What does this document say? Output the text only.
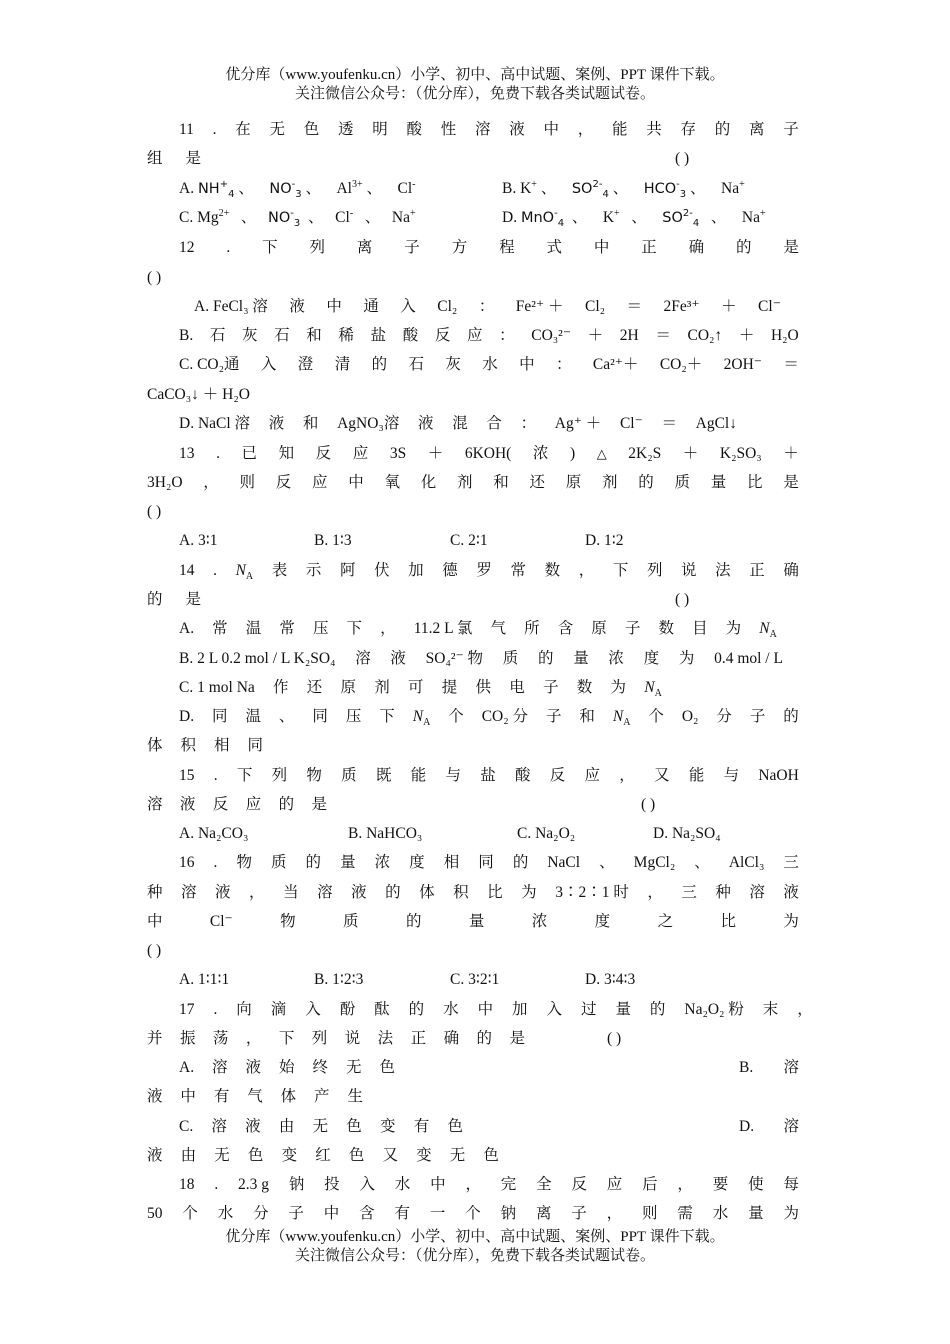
优分库（www.youfenku.cn）小学、初中、高中试题、案例、PPT 课件下载。
关注微信公众号：（优分库），免费下载各类试题试卷。
11 . 在 无 色 透 明 酸 性 溶 液 中 ， 能 共 存 的 离 子
组 是	( )
A. $NH^+_4$ 、    $NO^-_3$ 、    $Al^{3+}$ 、    Cl-	B. K+ 、    $SO^{2-}_4$ 、    $HCO^-_3$ 、    Na+
C. $Mg^{2+}$   、   $NO^-_3$  、   Cl-   、   Na+	D. MnO-$_4$  、    K+   、    $SO^{2-}_4$   、    Na+
12 . 下 列 离 子 方 程 式 中 正 确 的 是
( )
A. FeCl₃ 溶 液 中 通 入 Cl₂ ： Fe²⁺ ＋ Cl₂ ＝ 2Fe³⁺ ＋ Cl⁻
B. 石 灰 石 和 稀 盐 酸 反 应 ： CO₃²⁻ ＋ 2H ＝ CO₂↑ ＋ H₂O
C. CO₂通 入 澄 清 的 石 灰 水 中 ： Ca²⁺＋ CO₂＋ 2OH⁻ ＝
CaCO₃↓ ＋ H₂O
D. NaCl 溶 液 和 AgNO₃溶 液 混 合 ： Ag⁺ ＋ Cl⁻ ＝ AgCl↓
13 . 已 知 反 应 3S ＋ 6KOH( 浓 ) △ 2K₂S ＋ K₂SO₃ ＋
3H₂O ， 则 反 应 中 氧 化 剂 和 还 原 剂 的 质 量 比 是
( )
A. 3∶1	B. 1∶3	C. 2∶1	D. 1∶2
14 . $N_A$ 表 示 阿 伏 加 德 罗 常 数 ， 下 列 说 法 正 确
的 是	( )
A. 常 温 常 压 下 ， 11.2 L 氯 气 所 含 原 子 数 目 为 $N_A$
B. 2 L 0.2 mol / L K₂SO₄ 溶 液 SO₄²⁻ 物 质 的 量 浓 度 为 0.4 mol / L
C. 1 mol Na 作 还 原 剂 可 提 供 电 子 数 为 $N_A$
D. 同 温 、 同 压 下 $N_A$ 个 CO₂ 分 子 和 $N_A$ 个 O₂ 分 子 的
体 积 相 同
15 . 下 列 物 质 既 能 与 盐 酸 反 应 ， 又 能 与 NaOH
溶 液 反 应 的 是	( )
A. Na₂CO₃	B. NaHCO₃	C. Na₂O₂	D. Na₂SO₄
16 . 物 质 的 量 浓 度 相 同 的 NaCl 、 MgCl₂ 、 AlCl₃ 三
种 溶 液 ， 当 溶 液 的 体 积 比 为 3∶2∶1 时 ， 三 种 溶 液
中	Cl⁻	物	质	的	量	浓	度	之	比	为
( )
A. 1∶1∶1	B. 1∶2∶3	C. 3∶2∶1	D. 3∶4∶3
17 . 向 滴 入 酚 酞 的 水 中 加 入 过 量 的 Na₂O₂ 粉 末 ，
并 振 荡 ， 下 列 说 法 正 确 的 是	( )
A. 溶 液 始 终 无 色	B. 溶
液 中 有 气 体 产 生
C. 溶 液 由 无 色 变 有 色	D. 溶
液 由 无 色 变 红 色 又 变 无 色
18 . 2.3 g 钠 投 入 水 中 ， 完 全 反 应 后 ， 要 使 每
50 个 水 分 子 中 含 有 一 个 钠 离 子 ， 则 需 水 量 为
优分库（www.youfenku.cn）小学、初中、高中试题、案例、PPT 课件下载。
关注微信公众号：（优分库），免费下载各类试题试卷。
